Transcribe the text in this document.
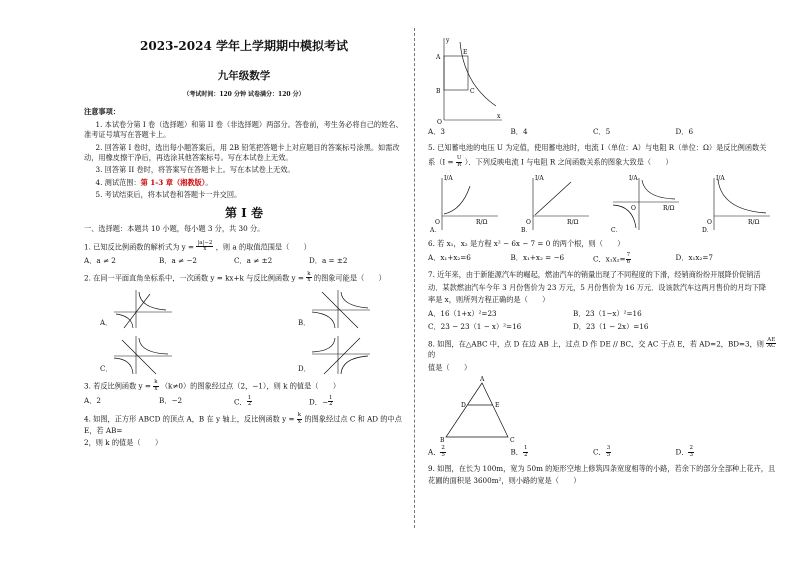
2023-2024 学年上学期期中模拟考试
九年级数学
（考试时间：120 分钟 试卷满分：120 分）
注意事项：
1. 本试卷分第 I 卷（选择题）和第 II 卷（非选择题）两部分。答卷前，考生务必将自己的姓名、准考证号填写在答题卡上。
2. 回答第 I 卷时，选出每小题答案后，用 2B 铅笔把答题卡上对应题目的答案标号涂黑。如需改动，用橡皮擦干净后，再选涂其他答案标号。写在本试卷上无效。
3. 回答第 II 卷时，将答案写在答题卡上。写在本试卷上无效。
4. 测试范围：第 1-3 章（湘教版）。
5. 考试结束后，将本试卷和答题卡一并交回。
第 I 卷
一、选择题：本题共 10 小题，每小题 3 分，共 30 分。
1. 已知反比例函数的解析式为 $y = \frac{|a|-2}{x}$ ，则 a 的取值范围是（　　）
A．a ≠ 2	B．a ≠ −2	C．a ≠ ±2	D．a = ±2
2. 在同一平面直角坐标系中，一次函数 y = kx+k 与反比例函数 $y = \frac{k}{x}$ 的图象可能是（　　）
A．	B．
C．	D．
3. 若反比例函数 $y = \frac{k}{x} (k\ne 0)$的图象经过点（2，−1），则 k 的值是（　　）
A．2	B．−2	C． $\frac{1}{2}$	D．− $\frac{1}{2}$
4. 如图，正方形 ABCD 的顶点 A，B 在 y 轴上，反比例函数 $y = \frac{k}{x}$ 的图象经过点 C 和 AD 的中点 E，若 AB=
2，则 k 的值是（　　）
y
A
E
B	C
O
x
A．3	B．4	C．5	D．6
5. 已知蓄电池的电压 U 为定值，使用蓄电池时，电流 I（单位：A）与电阻 R（单位：Ω）是反比例函数关
系（$I = \frac{U}{R}$ ）．下列反映电流 I 与电阻 R 之间函数关系的图象大致是（　　）
I/A
R/Ω
O
A．
I/A
R/Ω
O
B．
I/A
R/Ω
O
C．
I/A
R/Ω
O
D．
6. 若 x₁，x₂ 是方程 x² − 6x − 7 = 0 的两个根，则（　　）
A．x₁+x₂=6	B．x₁+x₂ = −6	C．$x_1x_2= \frac{7}{6}$	D．x₁x₂=7
7. 近年来，由于新能源汽车的崛起，燃油汽车的销量出现了不同程度的下滑，经销商纷纷开展降价促销活
动．某款燃油汽车今年 3 月份售价为 23 万元，5 月份售价为 16 万元．设该款汽车这两月售价的月均下降
率是 x，则所列方程正确的是（　　）
A．16（1+x）²=23	B．23（1−x）²=16
C．23 − 23（1 − x）²=16	D．23（1 − 2x）=16
8. 如图，在△ABC 中，点 D 在边 AB 上，过点 D 作 DE // BC，交 AC 于点 E，若 AD=2，BD=3，则 $\frac{AE}{AC}$
的
值是（　　）
A
D	E
B	C
A． $\frac{2}{5}$	B． $\frac{1}{2}$	C． $\frac{3}{5}$	D． $\frac{2}{3}$
9. 如图，在长为 100m，宽为 50m 的矩形空地上修筑四条宽度相等的小路，若余下的部分全部种上花卉，且
花圃的面积是 3600m²，则小路的宽是（　　）
